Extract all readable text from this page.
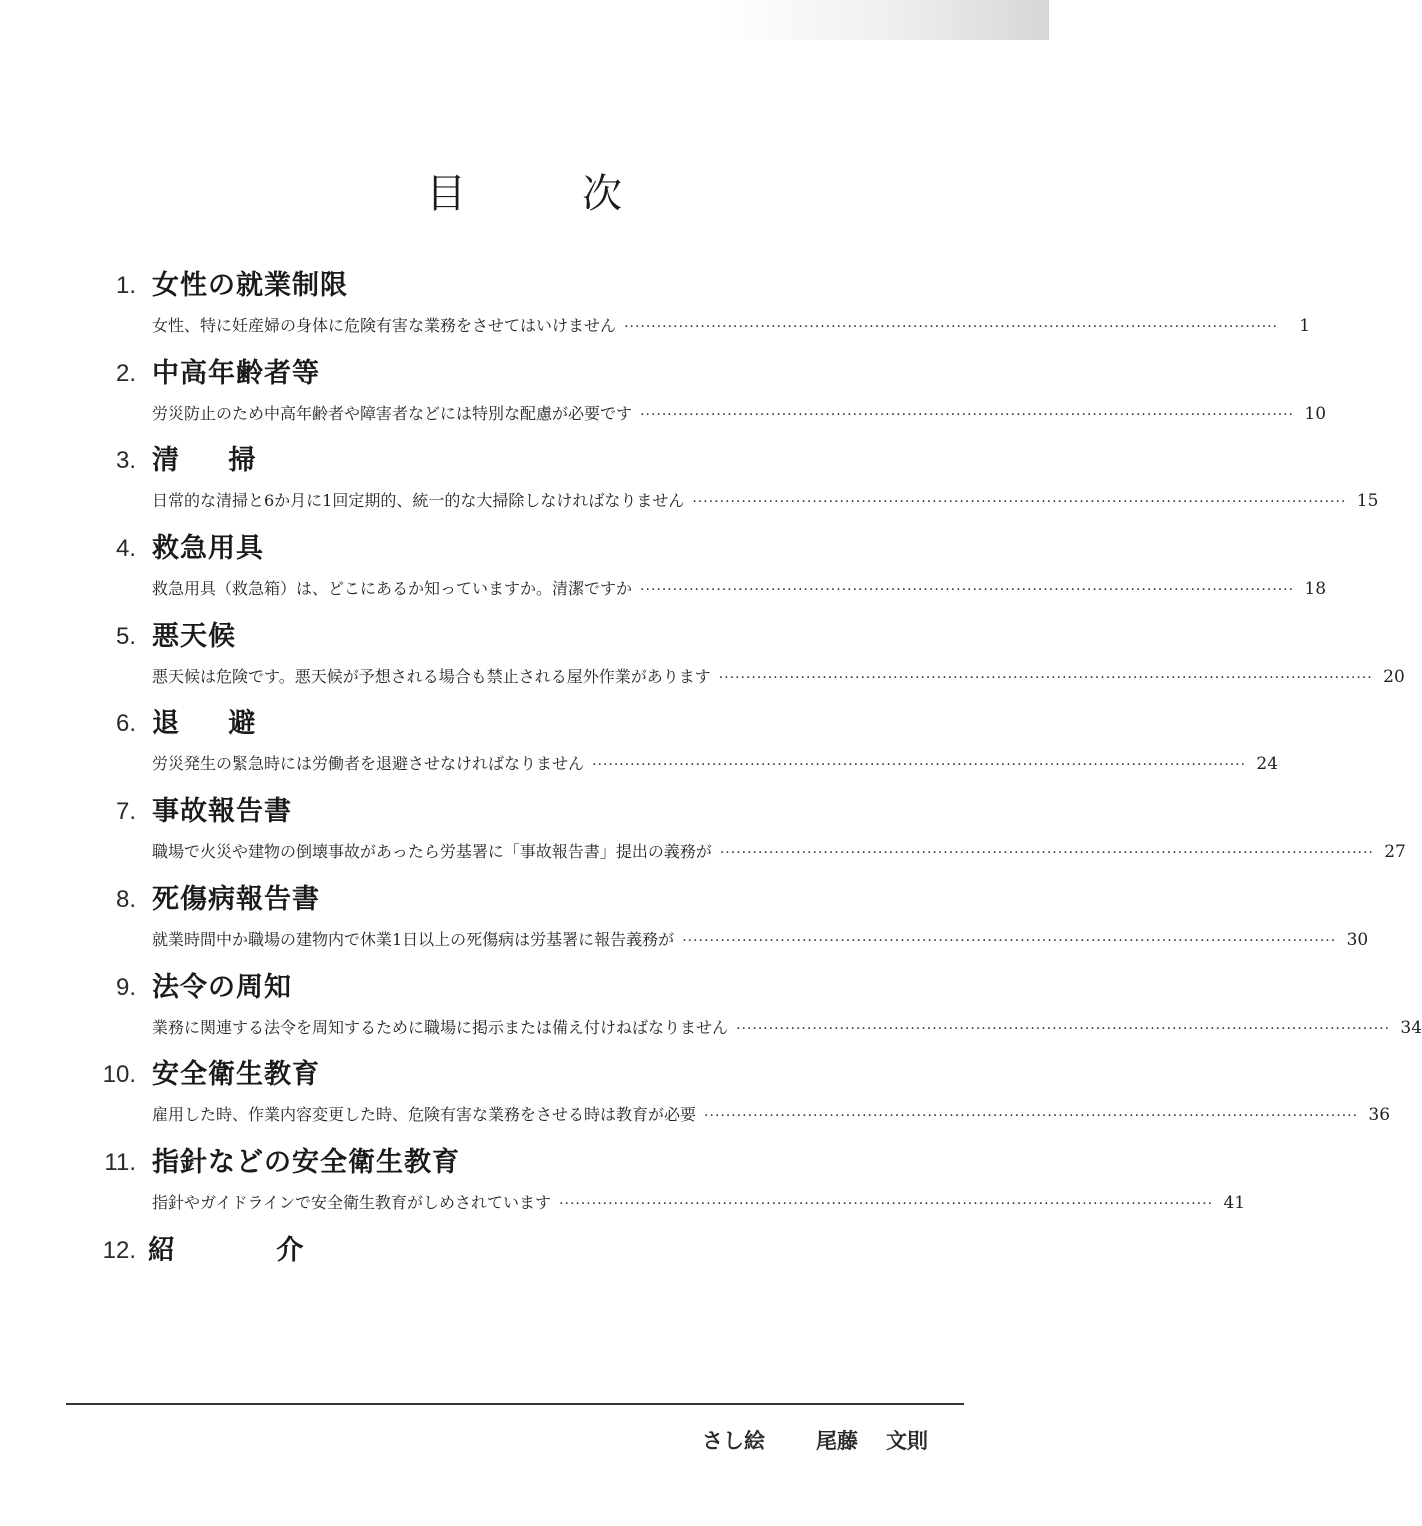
目	次
1. 女性の就業制限
女性、特に妊産婦の身体に危険有害な業務をさせてはいけません ························································································································	1
2. 中高年齢者等
労災防止のため中高年齢者や障害者などには特別な配慮が必要です ························································································································ 10
3. 清 掃
日常的な清掃と6か月に1回定期的、統一的な大掃除しなければなりません ························································································································ 15
4. 救急用具
救急用具（救急箱）は、どこにあるか知っていますか。清潔ですか ························································································································ 18
5. 悪天候
悪天候は危険です。悪天候が予想される場合も禁止される屋外作業があります ························································································································ 20
6. 退 避
労災発生の緊急時には労働者を退避させなければなりません ························································································································ 24
7. 事故報告書
職場で火災や建物の倒壊事故があったら労基署に「事故報告書」提出の義務が ························································································································ 27
8. 死傷病報告書
就業時間中か職場の建物内で休業1日以上の死傷病は労基署に報告義務が ························································································································ 30
9. 法令の周知
業務に関連する法令を周知するために職場に掲示または備え付けねばなりません ························································································································ 34
10. 安全衛生教育
雇用した時、作業内容変更した時、危険有害な業務をさせる時は教育が必要 ························································································································ 36
11. 指針などの安全衛生教育
指針やガイドラインで安全衛生教育がしめされています ························································································································ 41
12. 紹 介
さし絵 尾藤 文則
